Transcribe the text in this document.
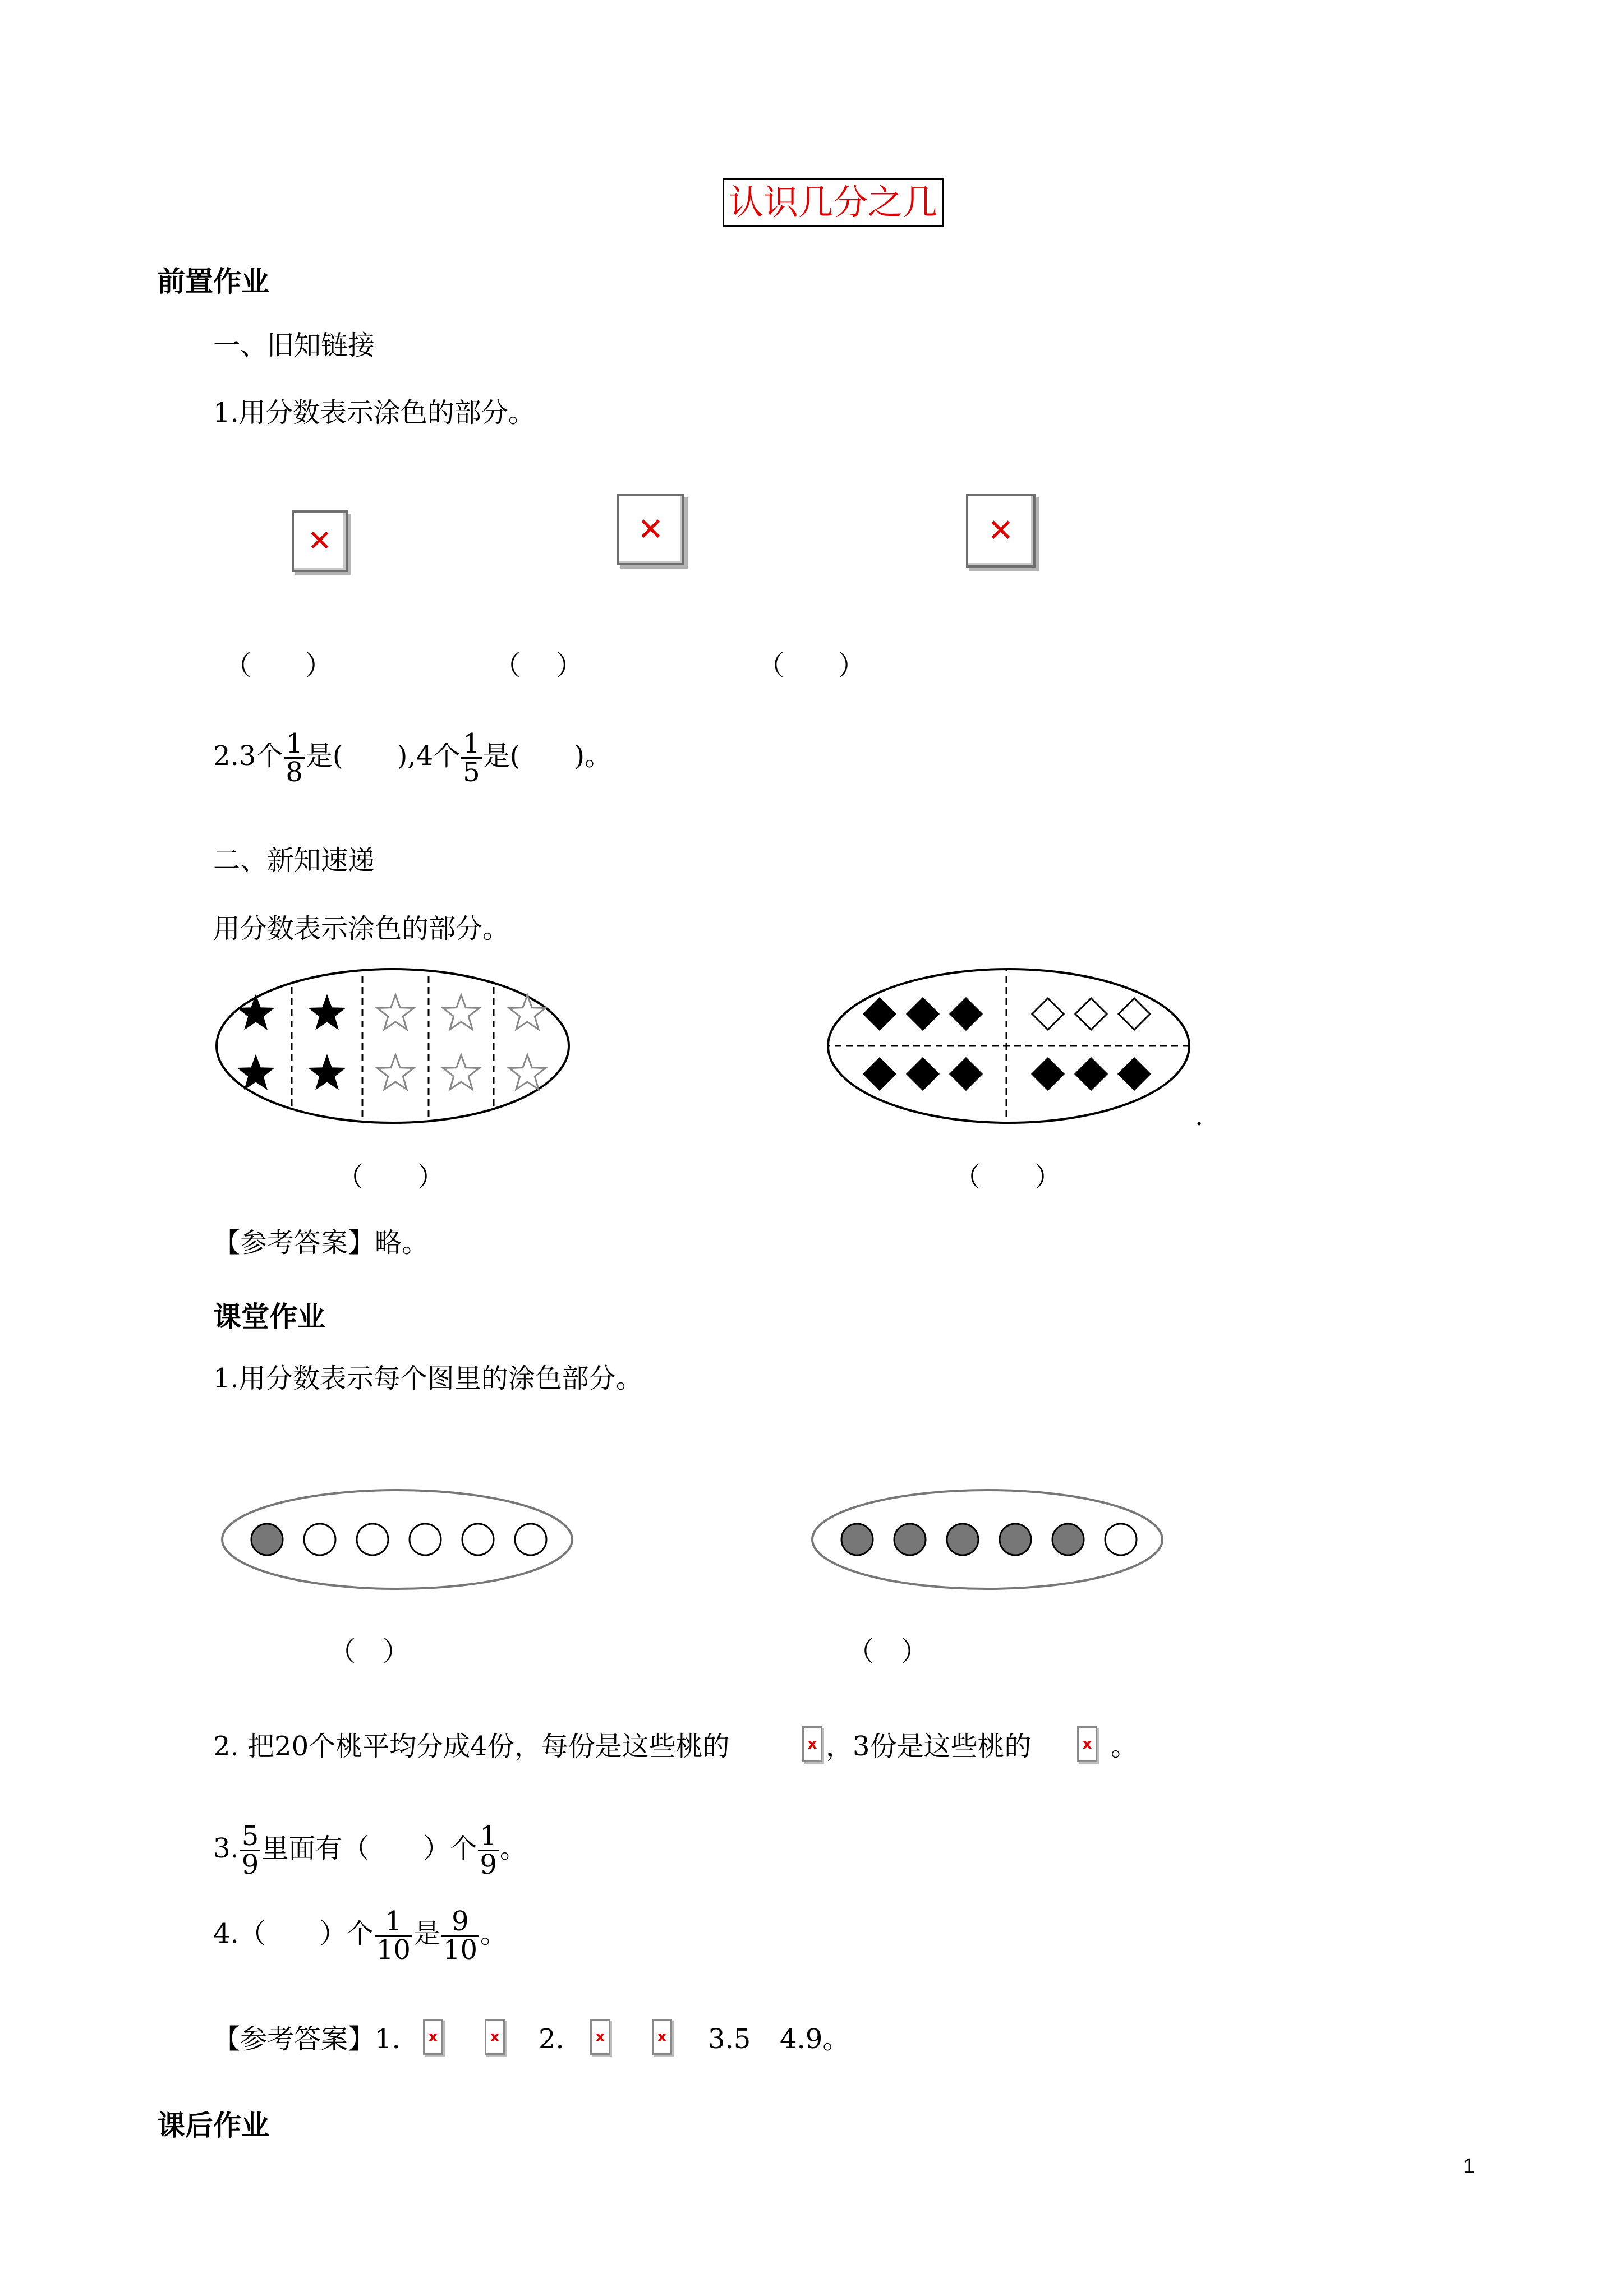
认识几分之几
前置作业
一、旧知链接
1.用分数表示涂色的部分。
✕	✕	✕
（　　）	（　 ）	（　　）
2.3个 $\frac{1}{8}$ 是(　　),4个 $\frac{1}{5}$ 是(　　)。
二、新知速递
用分数表示涂色的部分。
.
（　　）	（　　）
【参考答案】略。
课堂作业
1.用分数表示每个图里的涂色部分。
（　）	（　）
2. 把20个桃平均分成4份，每份是这些桃的	x ，3份是这些桃的	x 。
3. $\frac{5}{9}$ 里面有（　　）个 $\frac{1}{9}$ 。
4.（　　）个 $\frac{1}{10}$ 是 $\frac{9}{10}$ 。
【参考答案】1.	x	x 2.	x	x 3.5 4.9。
课后作业
1
